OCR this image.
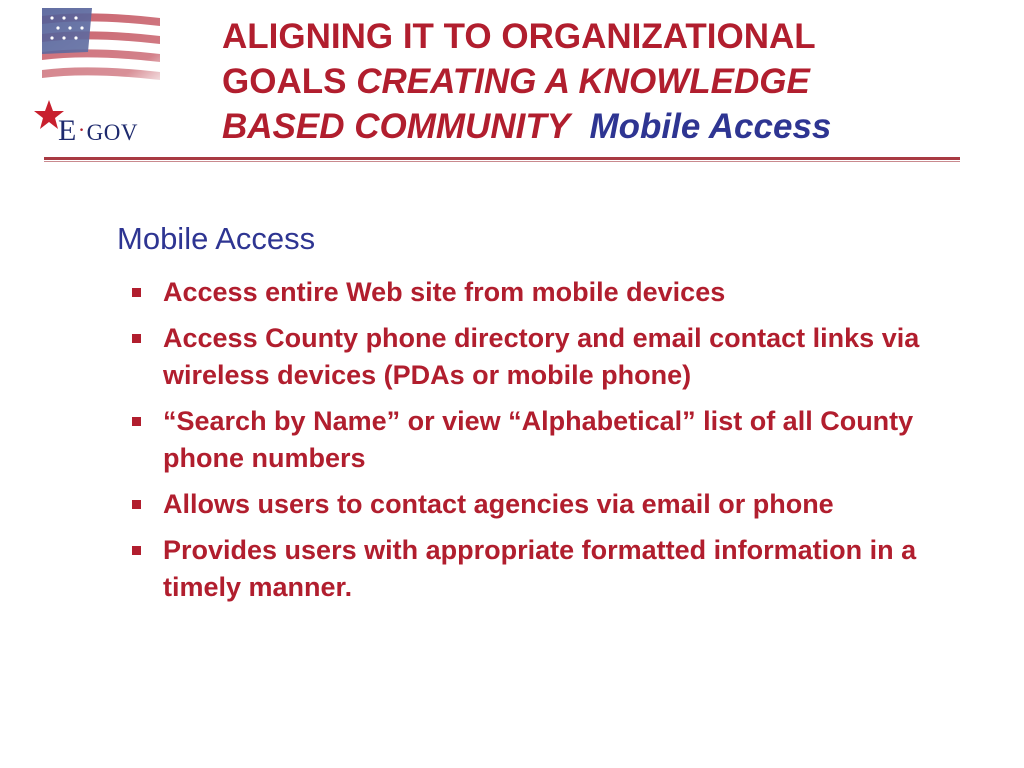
E·GOV
ALIGNING IT TO ORGANIZATIONAL
GOALS CREATING A KNOWLEDGE
BASED COMMUNITY Mobile Access
Mobile Access
Access entire Web site from mobile devices
Access County phone directory and email contact links via wireless devices (PDAs or mobile phone)
“Search by Name” or view “Alphabetical” list of all County phone numbers
Allows users to contact agencies via email or phone
Provides users with appropriate formatted information in a timely manner.
